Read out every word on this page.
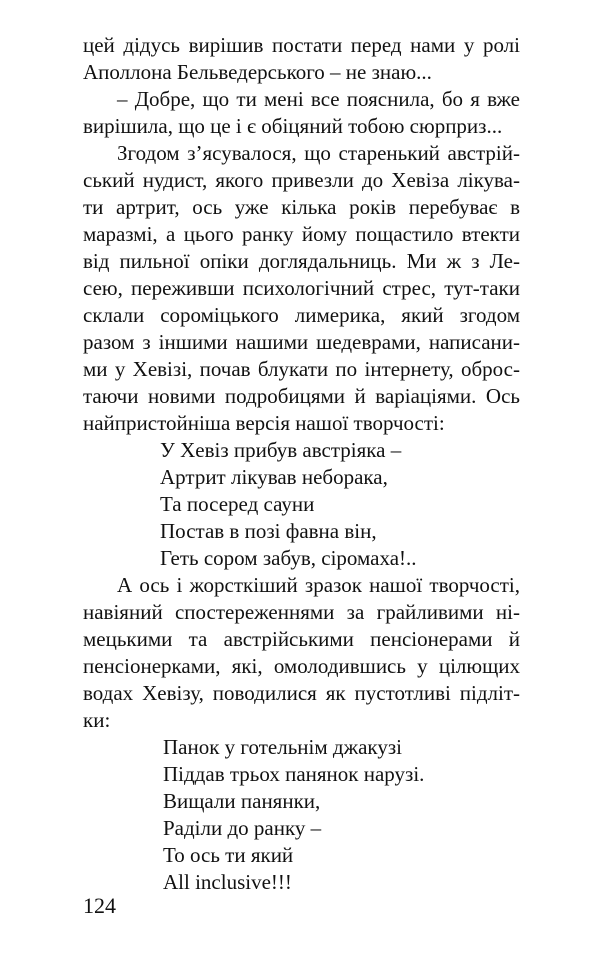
цей дідусь вирішив постати перед нами у ролі
Аполлона Бельведерського – не знаю...

– Добре, що ти мені все пояснила, бо я вже
вирішила, що це і є обіцяний тобою сюрприз...

Згодом з’ясувалося, що старенький австрій-
ський нудист, якого привезли до Хевіза лікува-
ти артрит, ось уже кілька років перебуває в
маразмі, а цього ранку йому пощастило втекти
від пильної опіки доглядальниць. Ми ж з Ле-
сею, переживши психологічний стрес, тут-таки
склали сороміцького лимерика, який згодом
разом з іншими нашими шедеврами, написани-
ми у Хевізі, почав блукати по інтернету, оброс-
таючи новими подробицями й варіаціями. Ось
найпристойніша версія нашої творчості:

У Хевіз прибув австріяка –
Артрит лікував неборака,
Та посеред сауни
Постав в позі фавна він,
Геть сором забув, сіромаха!..

А ось і жорсткіший зразок нашої творчості,
навіяний спостереженнями за грайливими ні-
мецькими та австрійськими пенсіонерами й
пенсіонерками, які, омолодившись у цілющих
водах Хевізу, поводилися як пустотливі підліт-
ки:

Панок у готельнім джакузі
Піддав трьох панянок нарузі.
Вищали панянки,
Раділи до ранку –
То ось ти який
All inclusive!!!
124
